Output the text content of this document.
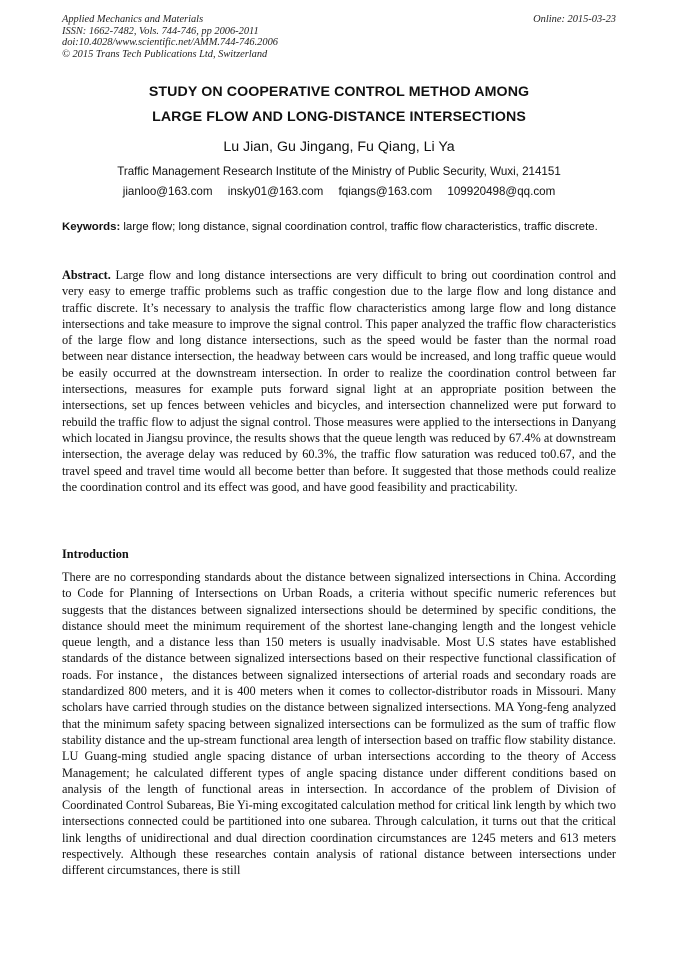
Applied Mechanics and Materials
ISSN: 1662-7482, Vols. 744-746, pp 2006-2011
doi:10.4028/www.scientific.net/AMM.744-746.2006
© 2015 Trans Tech Publications Ltd, Switzerland
Online: 2015-03-23
STUDY ON COOPERATIVE CONTROL METHOD AMONG
LARGE FLOW AND LONG-DISTANCE INTERSECTIONS
Lu Jian, Gu Jingang, Fu Qiang, Li Ya
Traffic Management Research Institute of the Ministry of Public Security, Wuxi, 214151
jianloo@163.com insky01@163.com fqiangs@163.com 109920498@qq.com
Keywords: large flow; long distance, signal coordination control, traffic flow characteristics, traffic discrete.
Abstract. Large flow and long distance intersections are very difficult to bring out coordination control and very easy to emerge traffic problems such as traffic congestion due to the large flow and long distance and traffic discrete. It’s necessary to analysis the traffic flow characteristics among large flow and long distance intersections and take measure to improve the signal control. This paper analyzed the traffic flow characteristics of the large flow and long distance intersections, such as the speed would be faster than the normal road between near distance intersection, the headway between cars would be increased, and long traffic queue would be easily occurred at the downstream intersection. In order to realize the coordination control between far intersections, measures for example puts forward signal light at an appropriate position between the intersections, set up fences between vehicles and bicycles, and intersection channelized were put forward to rebuild the traffic flow to adjust the signal control. Those measures were applied to the intersections in Danyang which located in Jiangsu province, the results shows that the queue length was reduced by 67.4% at downstream intersection, the average delay was reduced by 60.3%, the traffic flow saturation was reduced to0.67, and the travel speed and travel time would all become better than before. It suggested that those methods could realize the coordination control and its effect was good, and have good feasibility and practicability.
Introduction
There are no corresponding standards about the distance between signalized intersections in China. According to Code for Planning of Intersections on Urban Roads, a criteria without specific numeric references but suggests that the distances between signalized intersections should be determined by specific conditions, the distance should meet the minimum requirement of the shortest lane-changing length and the longest vehicle queue length, and a distance less than 150 meters is usually inadvisable. Most U.S states have established standards of the distance between signalized intersections based on their respective functional classification of roads. For instance，the distances between signalized intersections of arterial roads and secondary roads are standardized 800 meters, and it is 400 meters when it comes to collector-distributor roads in Missouri. Many scholars have carried through studies on the distance between signalized intersections. MA Yong-feng analyzed that the minimum safety spacing between signalized intersections can be formulized as the sum of traffic flow stability distance and the up-stream functional area length of intersection based on traffic flow stability distance. LU Guang-ming studied angle spacing distance of urban intersections according to the theory of Access Management; he calculated different types of angle spacing distance under different conditions based on analysis of the length of functional areas in intersection. In accordance of the problem of Division of Coordinated Control Subareas, Bie Yi-ming excogitated calculation method for critical link length by which two intersections connected could be partitioned into one subarea. Through calculation, it turns out that the critical link lengths of unidirectional and dual direction coordination circumstances are 1245 meters and 613 meters respectively. Although these researches contain analysis of rational distance between intersections under different circumstances, there is still
